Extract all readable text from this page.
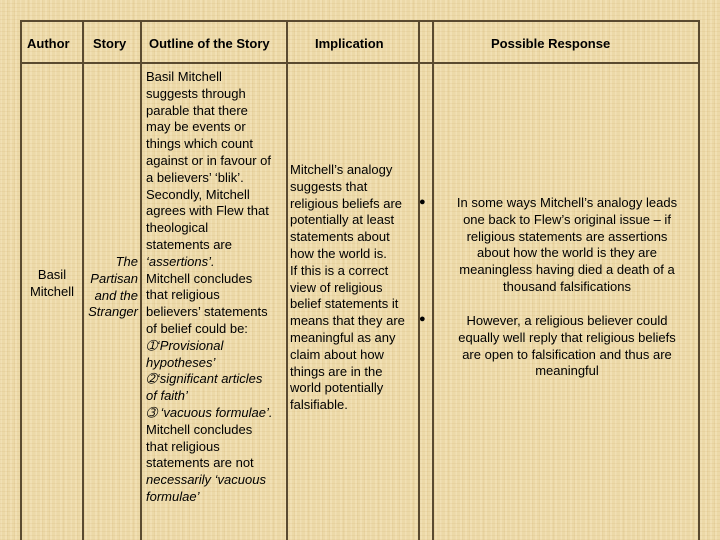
Author Story Outline of the Story	Implication	Possible Response
Basil
Mitchell
The
Partisan
and the
Stranger
Basil Mitchell
suggests through
parable that there
may be events or
things which count
against or in favour of
a believers’ ‘blik’.
Secondly, Mitchell
agrees with Flew that
theological
statements are
‘assertions’.
Mitchell concludes
that religious
believers’ statements
of belief could be:
➀‘Provisional
hypotheses’
➁‘significant articles
of faith’
➂ ‘vacuous formulae’.
Mitchell concludes
that religious
statements are not
necessarily ‘vacuous
formulae’
Mitchell’s analogy
suggests that
religious beliefs are
potentially at least
statements about
how the world is.
If this is a correct
view of religious
belief statements it
means that they are
meaningful as any
claim about how
things are in the
world potentially
falsifiable.
●
●
In some ways Mitchell’s analogy leads
one back to Flew’s original issue – if
religious statements are assertions
about how the world is they are
meaningless having died a death of a
thousand falsifications
However, a religious believer could
equally well reply that religious beliefs
are open to falsification and thus are
meaningful
